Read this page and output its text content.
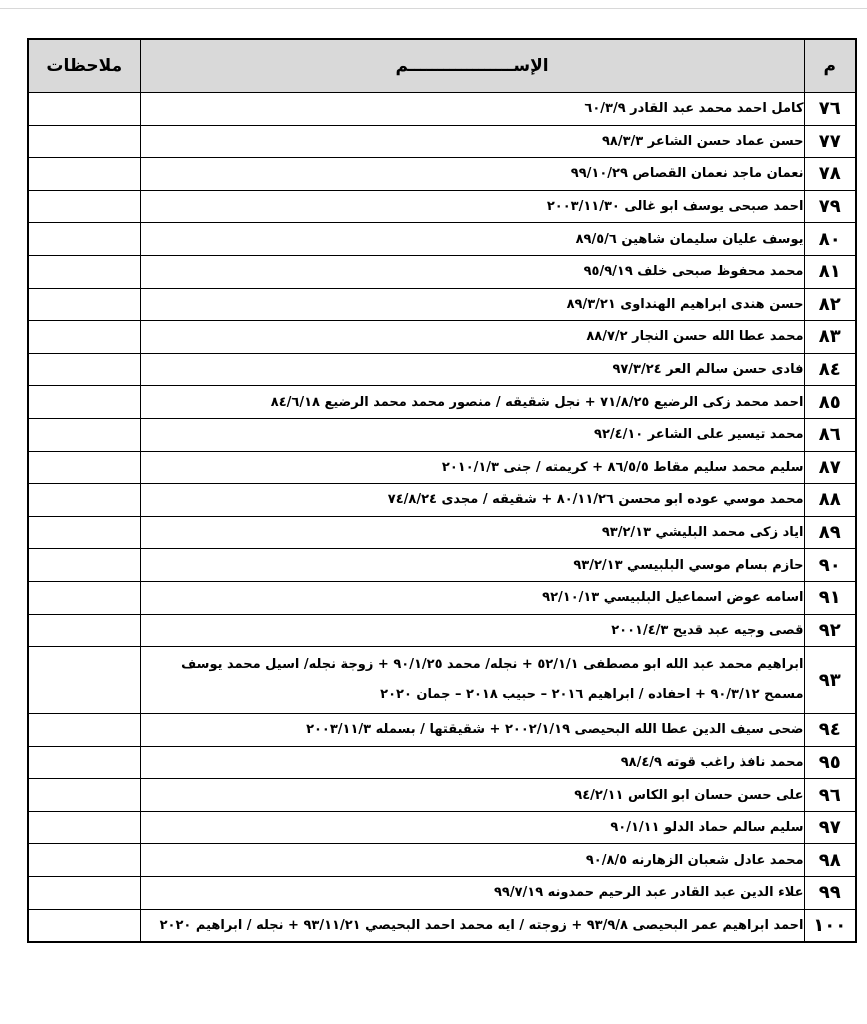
م	الإســــــــــــــــــم	ملاحظات
٧٦	كامل احمد محمد عبد القادر ٦٠/٣/٩	
٧٧	حسن عماد حسن الشاعر ٩٨/٣/٣	
٧٨	نعمان ماجد نعمان القصاص ٩٩/١٠/٢٩	
٧٩	احمد صبحى يوسف ابو غالى ٢٠٠٣/١١/٣٠	
٨٠	يوسف عليان سليمان شاهين ٨٩/٥/٦	
٨١	محمد محفوظ صبحى خلف ٩٥/٩/١٩	
٨٢	حسن هندى ابراهيم الهنداوى ٨٩/٣/٢١	
٨٣	محمد عطا الله حسن النجار ٨٨/٧/٢	
٨٤	فادى حسن سالم العر ٩٧/٣/٢٤	
٨٥	احمد محمد زكى الرضيع ٧١/٨/٢٥ + نجل شقيقه / منصور محمد محمد الرضيع ٨٤/٦/١٨	
٨٦	محمد تيسير على الشاعر ٩٢/٤/١٠	
٨٧	سليم محمد سليم مقاط ٨٦/٥/٥ + كريمته / جنى ٢٠١٠/١/٣	
٨٨	محمد موسي عوده ابو محسن ٨٠/١١/٢٦ + شقيقه / مجدى ٧٤/٨/٢٤	
٨٩	اياد زكى محمد البليشي ٩٣/٢/١٣	
٩٠	حازم بسام موسي البلبيسي ٩٣/٢/١٣	
٩١	اسامه عوض اسماعيل البلبيسي ٩٢/١٠/١٣	
٩٢	قصى وجيه عبد قديح ٢٠٠١/٤/٣	
٩٣	ابراهيم محمد عبد الله ابو مصطفى ٥٢/١/١ + نجله/ محمد ٩٠/١/٢٥ + زوجة نجله/ اسيل محمد يوسف مسمح ٩٠/٣/١٢ + احفاده / ابراهيم ٢٠١٦ – حبيب ٢٠١٨ – جمان ٢٠٢٠	
٩٤	ضحى سيف الدين عطا الله البحيصى ٢٠٠٢/١/١٩ + شقيقتها / بسمله ٢٠٠٣/١١/٣	
٩٥	محمد نافذ راغب قوته ٩٨/٤/٩	
٩٦	على حسن حسان ابو الكاس ٩٤/٢/١١	
٩٧	سليم سالم حماد الدلو ٩٠/١/١١	
٩٨	محمد عادل شعبان الزهارنه ٩٠/٨/٥	
٩٩	علاء الدين عبد القادر عبد الرحيم حمدونه ٩٩/٧/١٩	
١٠٠	احمد ابراهيم عمر البحيصى ٩٣/٩/٨ + زوجته / ايه محمد احمد البحيصي ٩٣/١١/٢١ + نجله / ابراهيم ٢٠٢٠	
